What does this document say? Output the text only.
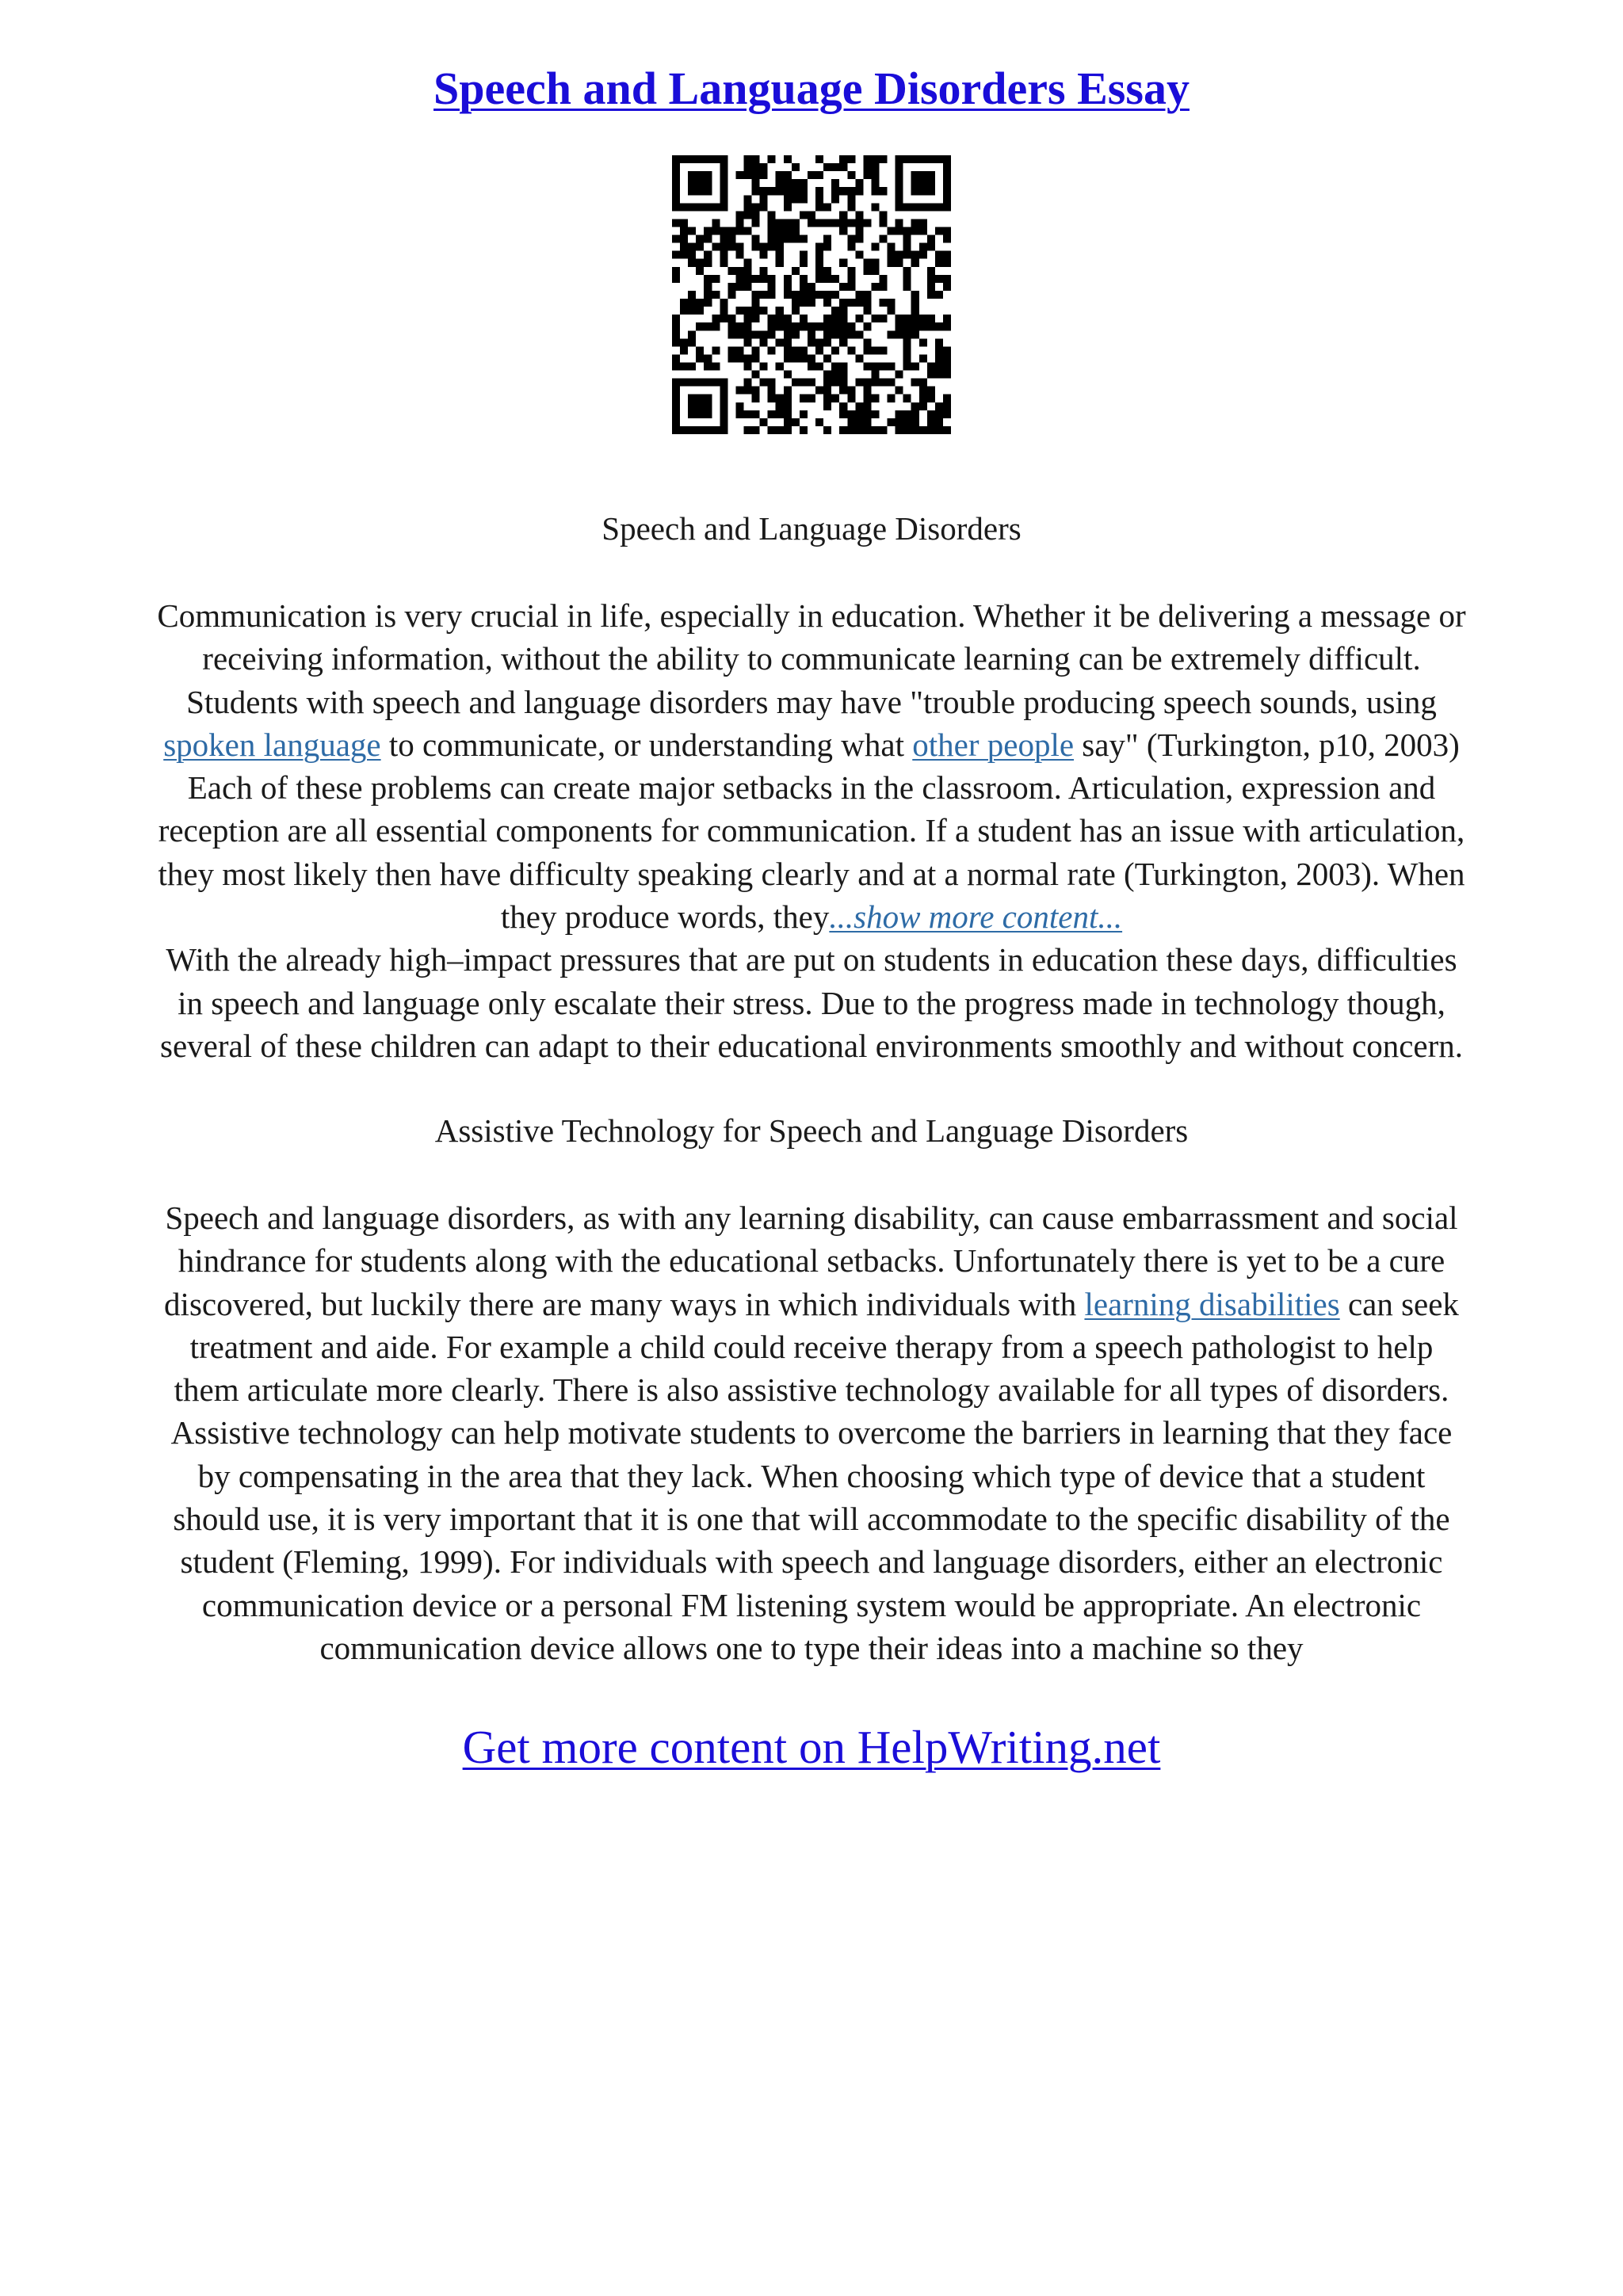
Speech and Language Disorders Essay
Speech and Language Disorders

Communication is very crucial in life, especially in education. Whether it be delivering a message or
receiving information, without the ability to communicate learning can be extremely difficult.
Students with speech and language disorders may have "trouble producing speech sounds, using
spoken language to communicate, or understanding what other people say" (Turkington, p10, 2003)
Each of these problems can create major setbacks in the classroom. Articulation, expression and
reception are all essential components for communication. If a student has an issue with articulation,
they most likely then have difficulty speaking clearly and at a normal rate (Turkington, 2003). When
they produce words, they...show more content...
With the already high–impact pressures that are put on students in education these days, difficulties
in speech and language only escalate their stress. Due to the progress made in technology though,
several of these children can adapt to their educational environments smoothly and without concern.

Assistive Technology for Speech and Language Disorders

Speech and language disorders, as with any learning disability, can cause embarrassment and social
hindrance for students along with the educational setbacks. Unfortunately there is yet to be a cure
discovered, but luckily there are many ways in which individuals with learning disabilities can seek
treatment and aide. For example a child could receive therapy from a speech pathologist to help
them articulate more clearly. There is also assistive technology available for all types of disorders.
Assistive technology can help motivate students to overcome the barriers in learning that they face
by compensating in the area that they lack. When choosing which type of device that a student
should use, it is very important that it is one that will accommodate to the specific disability of the
student (Fleming, 1999). For individuals with speech and language disorders, either an electronic
communication device or a personal FM listening system would be appropriate. An electronic
communication device allows one to type their ideas into a machine so they

Get more content on HelpWriting.net
